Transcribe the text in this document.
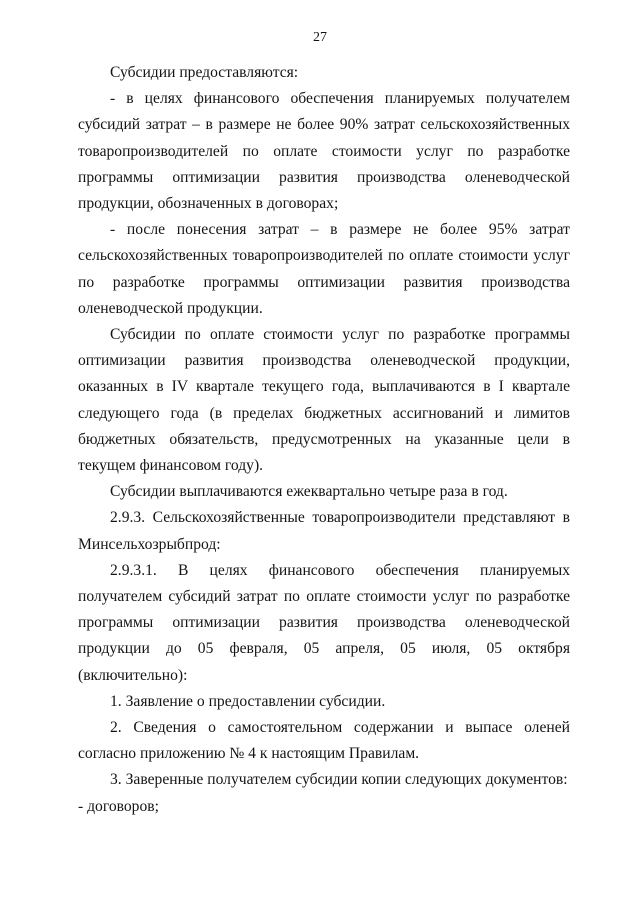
27

Субсидии предоставляются:

- в целях финансового обеспечения планируемых получателем субсидий затрат – в размере не более 90% затрат сельскохозяйственных товаропроизводителей по оплате стоимости услуг по разработке программы оптимизации развития производства оленеводческой продукции, обозначенных в договорах;

- после понесения затрат – в размере не более 95% затрат сельскохозяйственных товаропроизводителей по оплате стоимости услуг по разработке программы оптимизации развития производства оленеводческой продукции.

Субсидии по оплате стоимости услуг по разработке программы оптимизации развития производства оленеводческой продукции, оказанных в IV квартале текущего года, выплачиваются в I квартале следующего года (в пределах бюджетных ассигнований и лимитов бюджетных обязательств, предусмотренных на указанные цели в текущем финансовом году).

Субсидии выплачиваются ежеквартально четыре раза в год.

2.9.3. Сельскохозяйственные товаропроизводители представляют в Минсельхозрыбпрод:

2.9.3.1. В целях финансового обеспечения планируемых получателем субсидий затрат по оплате стоимости услуг по разработке программы оптимизации развития производства оленеводческой продукции до 05 февраля, 05 апреля, 05 июля, 05 октября (включительно):

1. Заявление о предоставлении субсидии.

2. Сведения о самостоятельном содержании и выпасе оленей согласно приложению № 4 к настоящим Правилам.

3. Заверенные получателем субсидии копии следующих документов:

- договоров;
